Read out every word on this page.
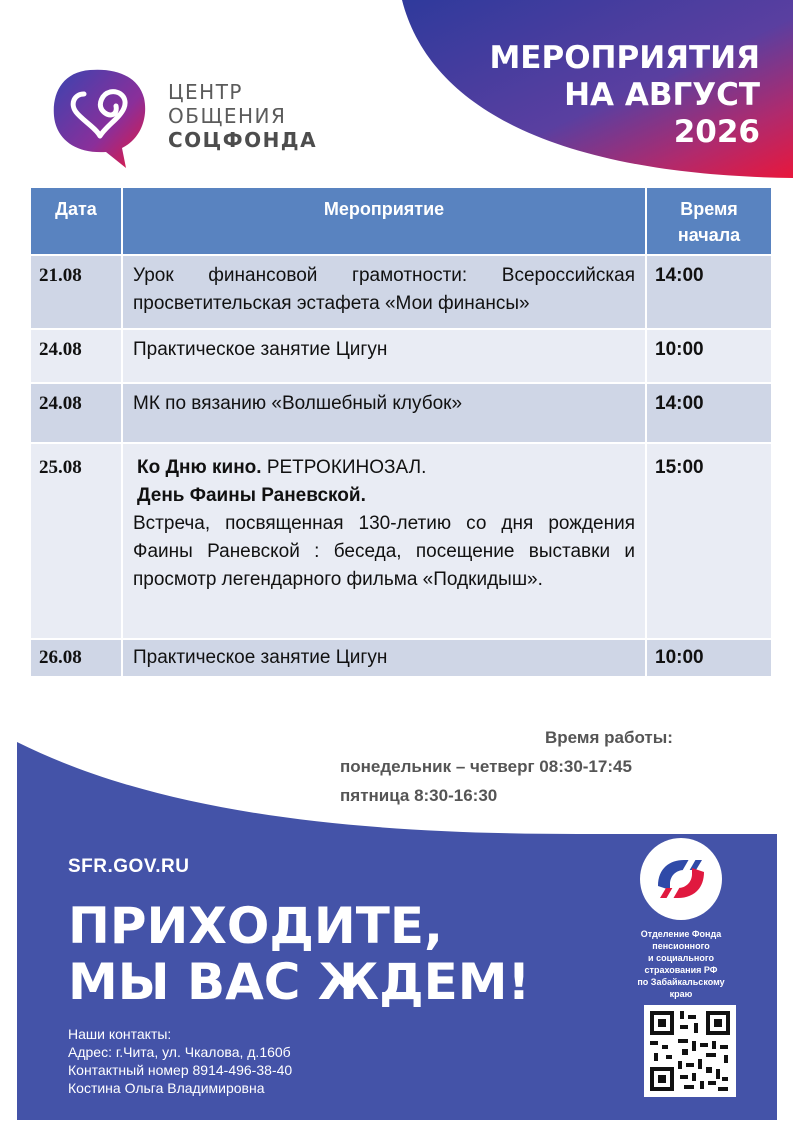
МЕРОПРИЯТИЯ
НА АВГУСТ
2026
ЦЕНТР
ОБЩЕНИЯ
СОЦФОНДА
Дата	Мероприятие	Время
начала

21.08	Урок финансовой грамотности: Всероссийская просветительская эстафета «Мои финансы»	14:00
24.08	Практическое занятие Цигун	10:00
24.08	МК по вязанию «Волшебный клубок»	14:00
25.08	Ко Дню кино. РЕТРОКИНОЗАЛ.
День Фаины Раневской.
Встреча, посвященная 130-летию со дня рождения Фаины Раневской : беседа, посещение выставки и просмотр легендарного фильма «Подкидыш».	15:00
26.08	Практическое занятие Цигун	10:00
Время работы:
понедельник – четверг 08:30-17:45
пятница 8:30-16:30
SFR.GOV.RU
ПРИХОДИТЕ,
МЫ ВАС ЖДЕМ!
Наши контакты:
Адрес: г.Чита, ул. Чкалова, д.160б
Контактный номер 8914-496-38-40
Костина Ольга Владимировна
Отделение Фонда
пенсионного
и социального
страхования РФ
по Забайкальскому
краю
